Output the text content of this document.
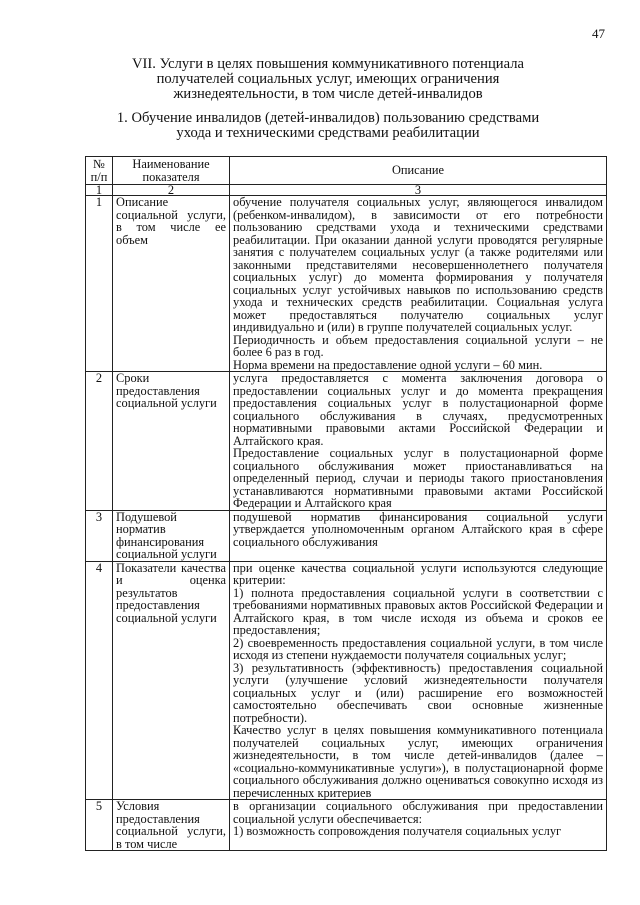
47
VII. Услуги в целях повышения коммуникативного потенциала получателей социальных услуг, имеющих ограничения жизнедеятельности, в том числе детей-инвалидов
1. Обучение инвалидов (детей-инвалидов) пользованию средствами ухода и техническими средствами реабилитации
№ п/п	Наименование показателя	Описание
1	2	3
1	Описание социальной услуги, в том числе ее объем	обучение получателя социальных услуг, являющегося инвалидом (ребенком-инвалидом), в зависимости от его потребности пользованию средствами ухода и техническими средствами реабилитации. При оказании данной услуги проводятся регулярные занятия с получателем социальных услуг (а также родителями или законными представителями несовершеннолетнего получателя социальных услуг) до момента формирования у получателя социальных услуг устойчивых навыков по использованию средств ухода и технических средств реабилитации. Социальная услуга может предоставляться получателю социальных услуг индивидуально и (или) в группе получателей социальных услуг.
Периодичность и объем предоставления социальной услуги – не более 6 раз в год.
Норма времени на предоставление одной услуги – 60 мин.

2	Сроки предоставления социальной услуги	услуга предоставляется с момента заключения договора о предоставлении социальных услуг и до момента прекращения предоставления социальных услуг в полустационарной форме социального обслуживания в случаях, предусмотренных нормативными правовыми актами Российской Федерации и Алтайского края.
Предоставление социальных услуг в полустационарной форме социального обслуживания может приостанавливаться на определенный период, случаи и периоды такого приостановления устанавливаются нормативными правовыми актами Российской Федерации и Алтайского края

3	Подушевой норматив финансирования социальной услуги	подушевой норматив финансирования социальной услуги утверждается уполномоченным органом Алтайского края в сфере социального обслуживания

4	Показатели качества и оценка результатов предоставления социальной услуги	при оценке качества социальной услуги используются следующие критерии:
1) полнота предоставления социальной услуги в соответствии с требованиями нормативных правовых актов Российской Федерации и Алтайского края, в том числе исходя из объема и сроков ее предоставления;
2) своевременность предоставления социальной услуги, в том числе исходя из степени нуждаемости получателя социальных услуг;
3) результативность (эффективность) предоставления социальной услуги (улучшение условий жизнедеятельности получателя социальных услуг и (или) расширение его возможностей самостоятельно обеспечивать свои основные жизненные потребности).
Качество услуг в целях повышения коммуникативного потенциала получателей социальных услуг, имеющих ограничения жизнедеятельности, в том числе детей-инвалидов (далее – «социально-коммуникативные услуги»), в полустационарной форме социального обслуживания должно оцениваться совокупно исходя из перечисленных критериев

5	Условия предоставления социальной услуги, в том числе	в организации социального обслуживания при предоставлении социальной услуги обеспечивается:
1) возможность сопровождения получателя социальных услуг
